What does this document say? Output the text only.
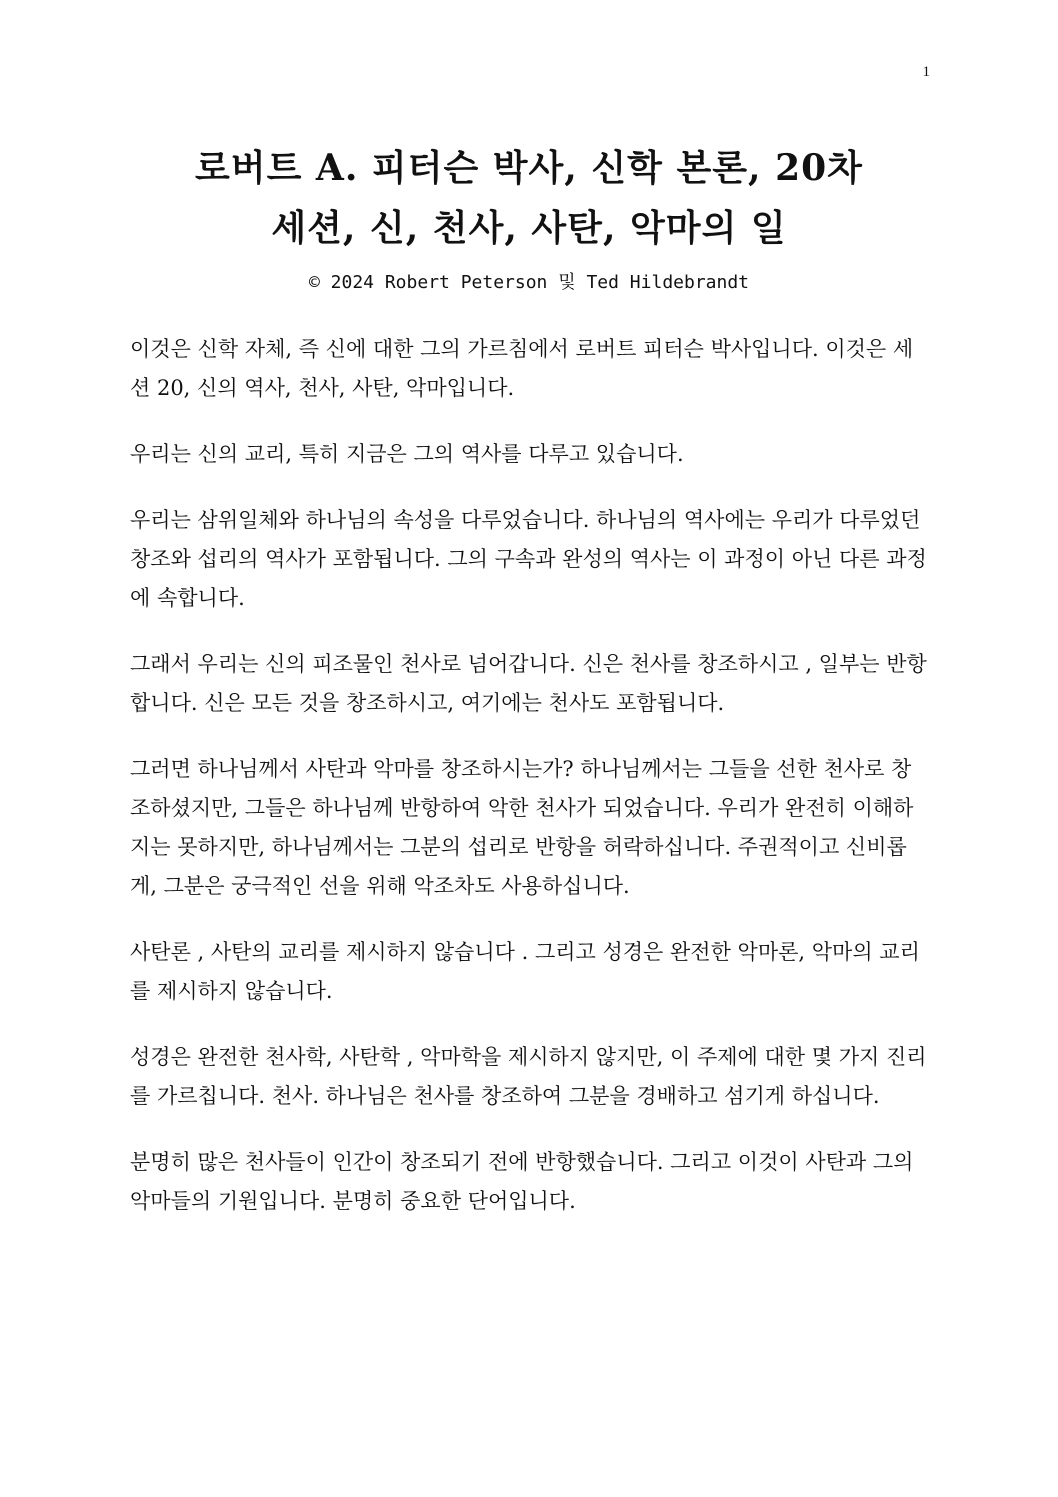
1
로버트 A. 피터슨 박사, 신학 본론, 20차
세션, 신, 천사, 사탄, 악마의 일
© 2024 Robert Peterson 및 Ted Hildebrandt

이것은 신학 자체, 즉 신에 대한 그의 가르침에서 로버트 피터슨 박사입니다. 이것은 세션 20, 신의 역사, 천사, 사탄, 악마입니다.

우리는 신의 교리, 특히 지금은 그의 역사를 다루고 있습니다.

우리는 삼위일체와 하나님의 속성을 다루었습니다. 하나님의 역사에는 우리가 다루었던 창조와 섭리의 역사가 포함됩니다. 그의 구속과 완성의 역사는 이 과정이 아닌 다른 과정에 속합니다.

그래서 우리는 신의 피조물인 천사로 넘어갑니다. 신은 천사를 창조하시고 , 일부는 반항합니다. 신은 모든 것을 창조하시고, 여기에는 천사도 포함됩니다.

그러면 하나님께서 사탄과 악마를 창조하시는가? 하나님께서는 그들을 선한 천사로 창조하셨지만, 그들은 하나님께 반항하여 악한 천사가 되었습니다. 우리가 완전히 이해하지는 못하지만, 하나님께서는 그분의 섭리로 반항을 허락하십니다. 주권적이고 신비롭게, 그분은 궁극적인 선을 위해 악조차도 사용하십니다.

사탄론 , 사탄의 교리를 제시하지 않습니다 . 그리고 성경은 완전한 악마론, 악마의 교리를 제시하지 않습니다.

성경은 완전한 천사학, 사탄학 , 악마학을 제시하지 않지만, 이 주제에 대한 몇 가지 진리를 가르칩니다. 천사. 하나님은 천사를 창조하여 그분을 경배하고 섬기게 하십니다.

분명히 많은 천사들이 인간이 창조되기 전에 반항했습니다. 그리고 이것이 사탄과 그의 악마들의 기원입니다. 분명히 중요한 단어입니다.
